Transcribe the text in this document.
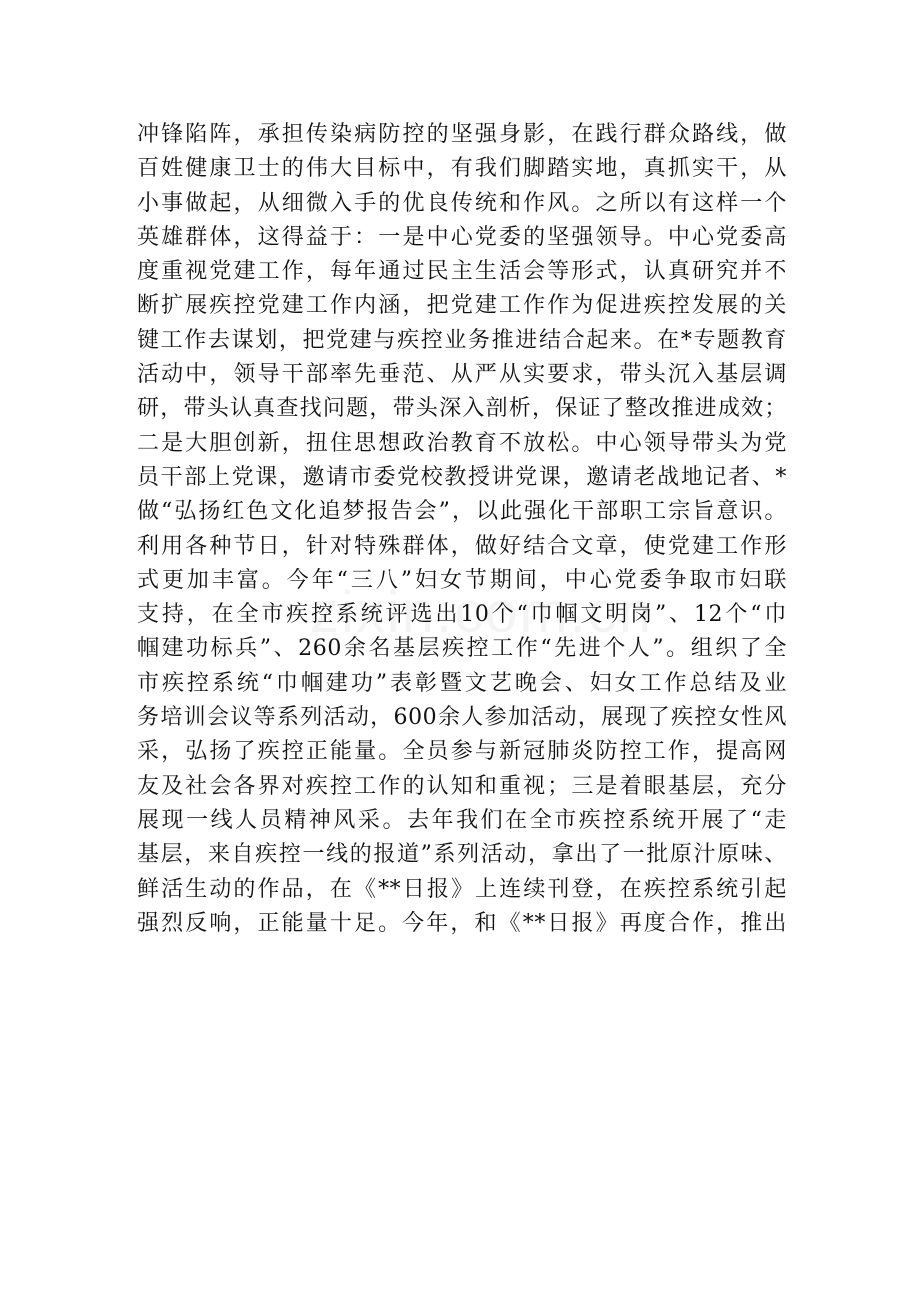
冲锋陷阵，承担传染病防控的坚强身影，在践行群众路线，做
百姓健康卫士的伟大目标中，有我们脚踏实地，真抓实干，从
小事做起，从细微入手的优良传统和作风。之所以有这样一个
英雄群体，这得益于：一是中心党委的坚强领导。中心党委高
度重视党建工作，每年通过民主生活会等形式，认真研究并不
断扩展疾控党建工作内涵，把党建工作作为促进疾控发展的关
键工作去谋划，把党建与疾控业务推进结合起来。在*专题教育
活动中，领导干部率先垂范、从严从实要求，带头沉入基层调
研，带头认真查找问题，带头深入剖析，保证了整改推进成效；
二是大胆创新，扭住思想政治教育不放松。中心领导带头为党
员干部上党课，邀请市委党校教授讲党课，邀请老战地记者、*
做“弘扬红色文化追梦报告会”，以此强化干部职工宗旨意识。
利用各种节日，针对特殊群体，做好结合文章，使党建工作形
式更加丰富。今年“三八”妇女节期间，中心党委争取市妇联
支持，在全市疾控系统评选出10个“巾帼文明岗”、12个“巾
帼建功标兵”、260余名基层疾控工作“先进个人”。组织了全
市疾控系统“巾帼建功”表彰暨文艺晚会、妇女工作总结及业
务培训会议等系列活动，600余人参加活动，展现了疾控女性风
采，弘扬了疾控正能量。全员参与新冠肺炎防控工作，提高网
友及社会各界对疾控工作的认知和重视；三是着眼基层，充分
展现一线人员精神风采。去年我们在全市疾控系统开展了“走
基层，来自疾控一线的报道”系列活动，拿出了一批原汁原味、
鲜活生动的作品，在《**日报》上连续刊登，在疾控系统引起
强烈反响，正能量十足。今年，和《**日报》再度合作，推出
